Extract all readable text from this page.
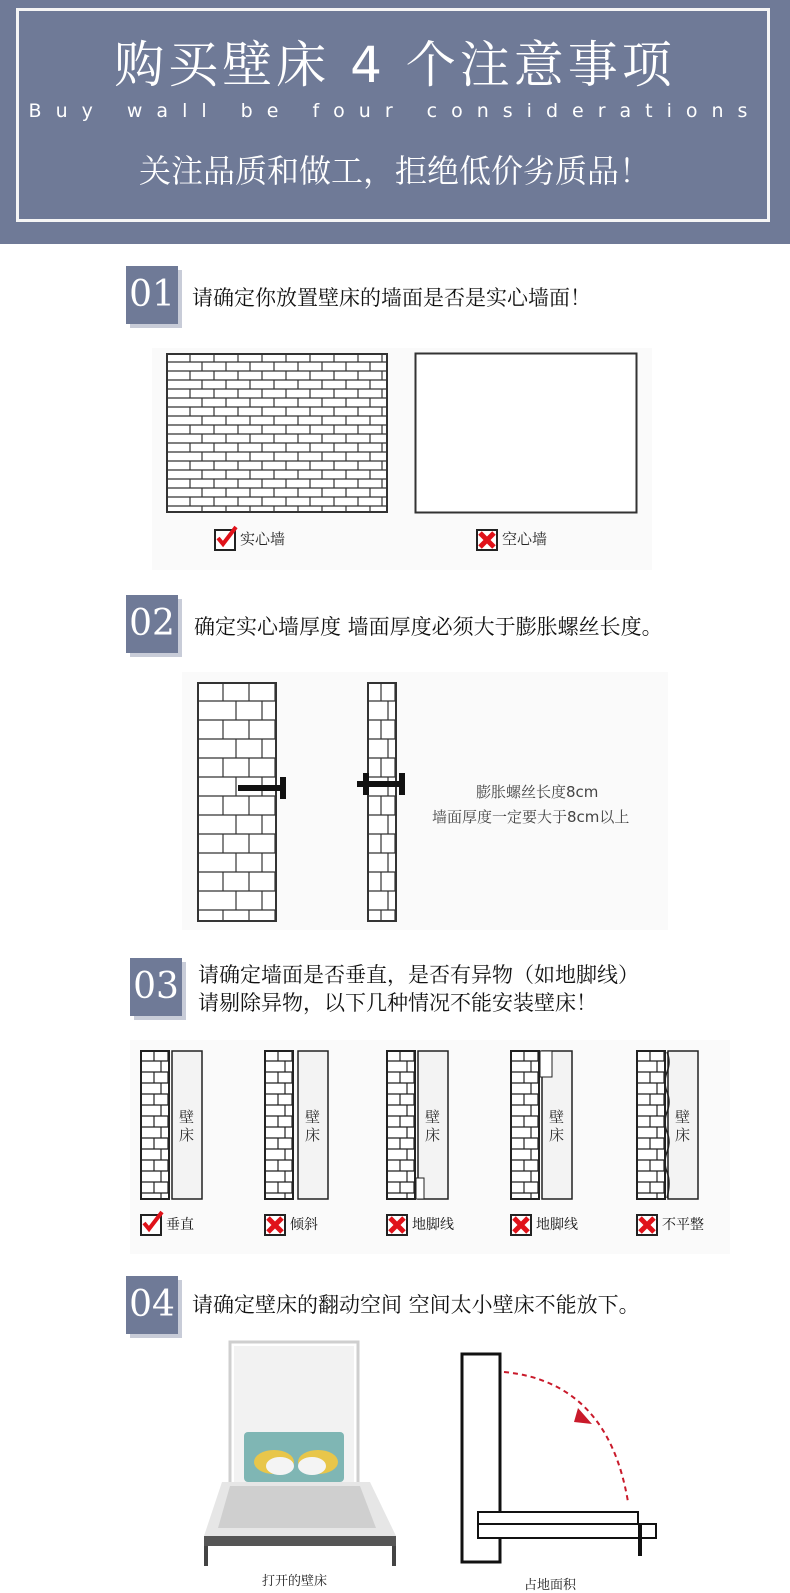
购买壁床 4 个注意事项
Buy wall be four considerations
关注品质和做工，拒绝低价劣质品！
01 请确定你放置壁床的墙面是否是实心墙面！
实心墙	空心墙
02 确定实心墙厚度 墙面厚度必须大于膨胀螺丝长度。
膨胀螺丝长度8cm
墙面厚度一定要大于8cm以上
03 请确定墙面是否垂直，是否有异物（如地脚线）
请剔除异物，以下几种情况不能安装壁床！
壁床
垂直
壁床
倾斜
壁床
地脚线
壁床
地脚线
壁床
不平整
04 请确定壁床的翻动空间 空间太小壁床不能放下。
打开的壁床	占地面积
